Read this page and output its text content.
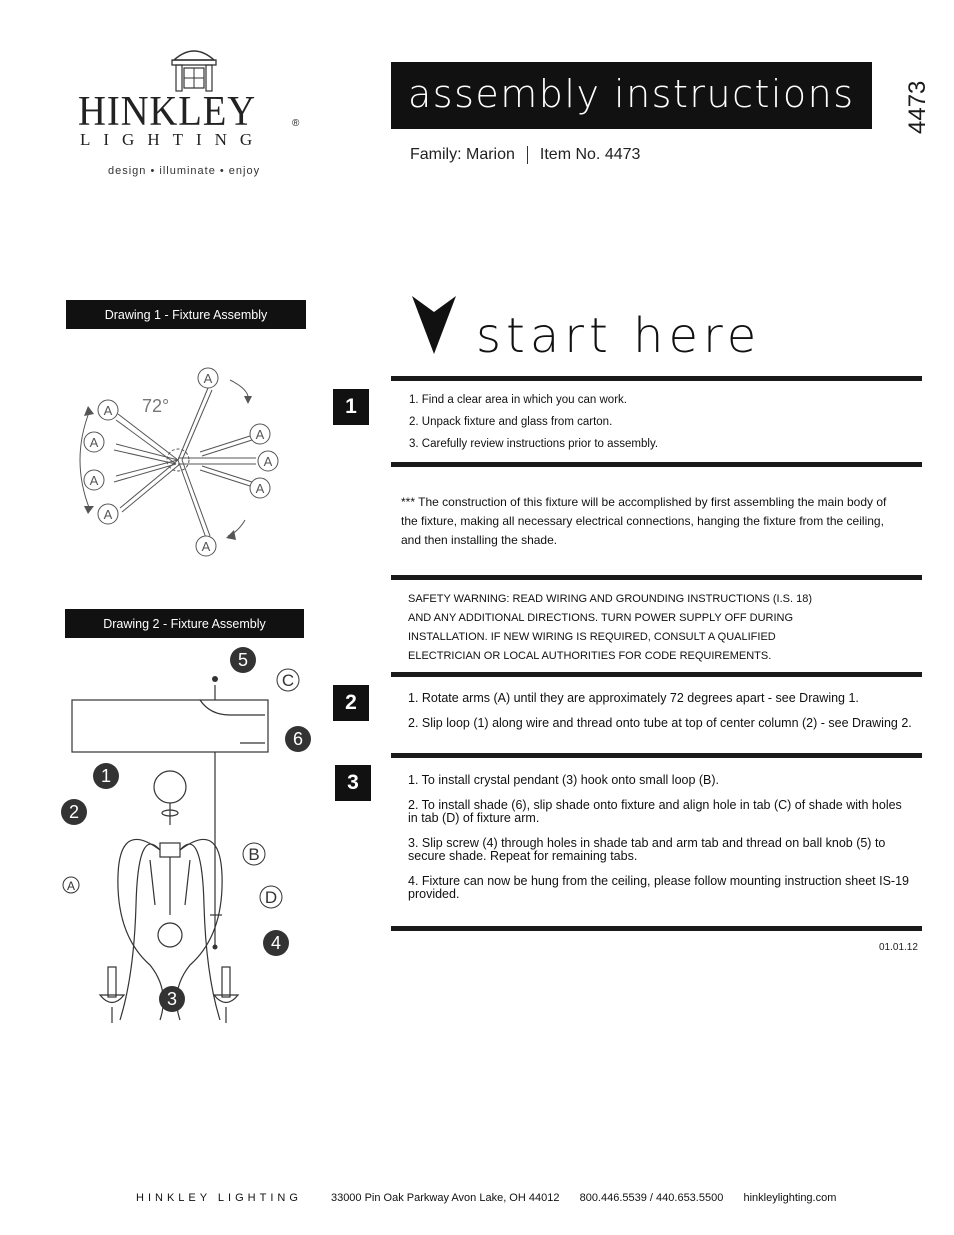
HINKLEY	®
LIGHTING
design • illuminate • enjoy
assembly instructions 4473
Family: Marion Item No. 4473
Drawing 1 - Fixture Assembly
A
A
A
A
A
A
A
A
A
72°
Drawing 2 - Fixture Assembly
5
6
1
2
4
3
C
B
D
A
start here
1	1. Find a clear area in which you can work.
2. Unpack fixture and glass from carton.
3. Carefully review instructions prior to assembly.
*** The construction of this fixture will be accomplished by first assembling the main body of the fixture, making all necessary electrical connections, hanging the fixture from the ceiling, and then installing the shade.
SAFETY WARNING: READ WIRING AND GROUNDING INSTRUCTIONS (I.S. 18)
AND ANY ADDITIONAL DIRECTIONS. TURN POWER SUPPLY OFF DURING
INSTALLATION. IF NEW WIRING IS REQUIRED, CONSULT A QUALIFIED
ELECTRICIAN OR LOCAL AUTHORITIES FOR CODE REQUIREMENTS.
2	1. Rotate arms (A) until they are approximately 72 degrees apart - see Drawing 1.
2. Slip loop (1) along wire and thread onto tube at top of center column (2) - see Drawing 2.
3	1. To install crystal pendant (3) hook onto small loop (B).
2. To install shade (6), slip shade onto fixture and align hole in tab (C) of shade with holes in tab (D) of fixture arm.
3. Slip screw (4) through holes in shade tab and arm tab and thread on ball knob (5) to secure shade. Repeat for remaining tabs.
4. Fixture can now be hung from the ceiling, please follow mounting instruction sheet IS-19 provided.
01.01.12
HINKLEY LIGHTING	33000 Pin Oak Parkway Avon Lake, OH 44012 800.446.5539 / 440.653.5500 hinkleylighting.com
